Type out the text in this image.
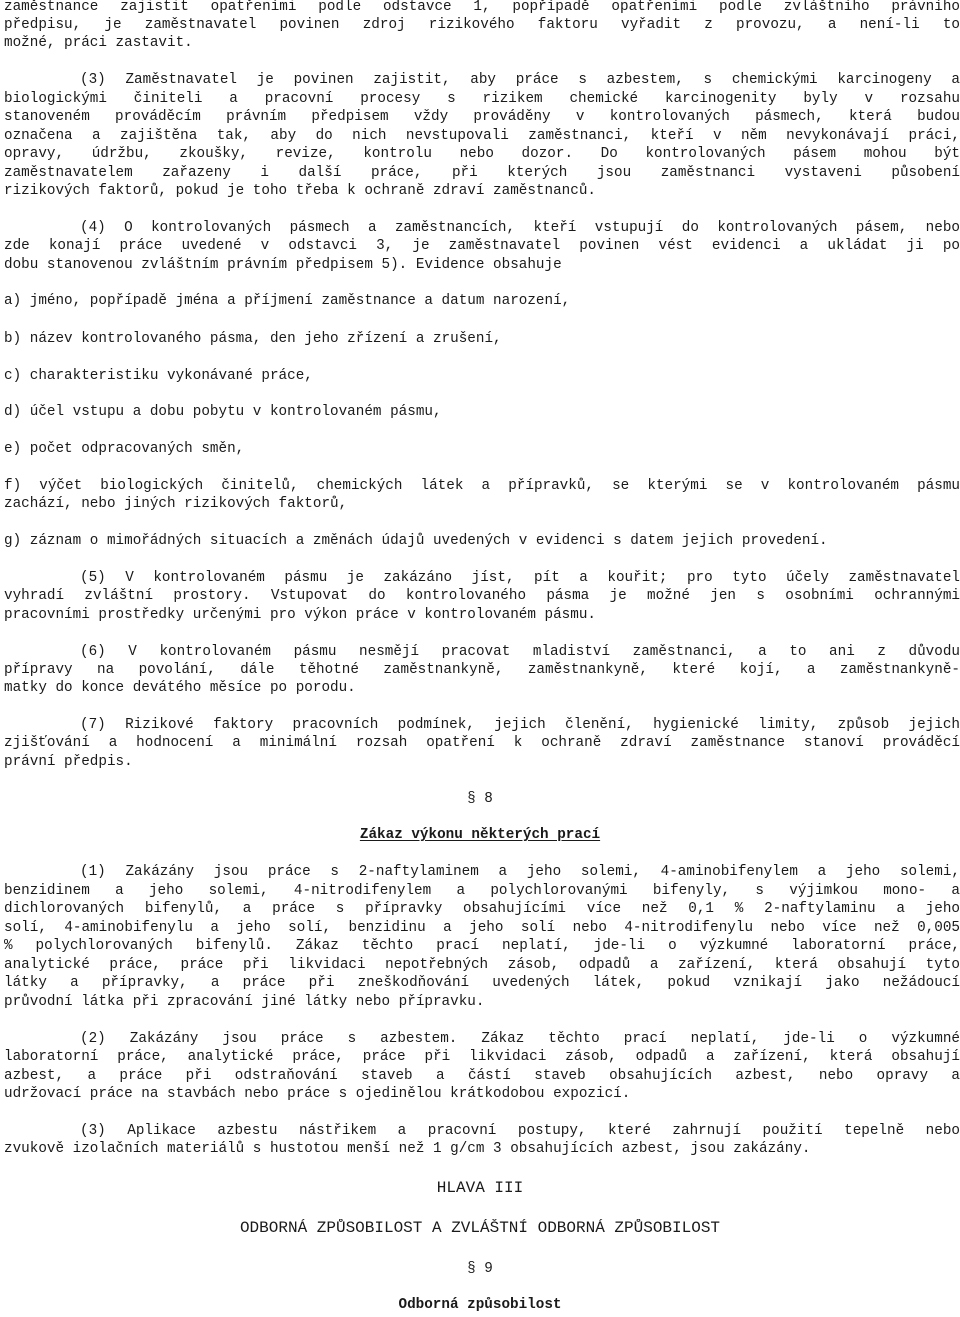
zaměstnance zajistit opatřeními podle odstavce 1, popřípadě opatřeními podle zvláštního právního
předpisu, je zaměstnavatel povinen zdroj rizikového faktoru vyřadit z provozu, a není-li to
možné, práci zastavit.
(3) Zaměstnavatel je povinen zajistit, aby práce s azbestem, s chemickými karcinogeny a
biologickými činiteli a pracovní procesy s rizikem chemické karcinogenity byly v rozsahu
stanoveném prováděcím právním předpisem vždy prováděny v kontrolovaných pásmech, která budou
označena a zajištěna tak, aby do nich nevstupovali zaměstnanci, kteří v něm nevykonávají práci,
opravy, údržbu, zkoušky, revize, kontrolu nebo dozor. Do kontrolovaných pásem mohou být
zaměstnavatelem zařazeny i další práce, při kterých jsou zaměstnanci vystaveni působení
rizikových faktorů, pokud je toho třeba k ochraně zdraví zaměstnanců.
(4) O kontrolovaných pásmech a zaměstnancích, kteří vstupují do kontrolovaných pásem, nebo
zde konají práce uvedené v odstavci 3, je zaměstnavatel povinen vést evidenci a ukládat ji po
dobu stanovenou zvláštním právním předpisem 5). Evidence obsahuje
a) jméno, popřípadě jména a příjmení zaměstnance a datum narození,
b) název kontrolovaného pásma, den jeho zřízení a zrušení,
c) charakteristiku vykonávané práce,
d) účel vstupu a dobu pobytu v kontrolovaném pásmu,
e) počet odpracovaných směn,
f) výčet biologických činitelů, chemických látek a přípravků, se kterými se v kontrolovaném pásmu
zachází, nebo jiných rizikových faktorů,
g) záznam o mimořádných situacích a změnách údajů uvedených v evidenci s datem jejich provedení.
(5) V kontrolovaném pásmu je zakázáno jíst, pít a kouřit; pro tyto účely zaměstnavatel
vyhradí zvláštní prostory. Vstupovat do kontrolovaného pásma je možné jen s osobními ochrannými
pracovními prostředky určenými pro výkon práce v kontrolovaném pásmu.
(6) V kontrolovaném pásmu nesmějí pracovat mladiství zaměstnanci, a to ani z důvodu
přípravy na povolání, dále těhotné zaměstnankyně, zaměstnankyně, které kojí, a zaměstnankyně-
matky do konce devátého měsíce po porodu.
(7) Rizikové faktory pracovních podmínek, jejich členění, hygienické limity, způsob jejich
zjišťování a hodnocení a minimální rozsah opatření k ochraně zdraví zaměstnance stanoví prováděcí
právní předpis.
§ 8
Zákaz výkonu některých prací
(1) Zakázány jsou práce s 2-naftylaminem a jeho solemi, 4-aminobifenylem a jeho solemi,
benzidinem a jeho solemi, 4-nitrodifenylem a polychlorovanými bifenyly, s výjimkou mono- a
dichlorovaných bifenylů, a práce s přípravky obsahujícími více než 0,1 % 2-naftylaminu a jeho
solí, 4-aminobifenylu a jeho solí, benzidinu a jeho solí nebo 4-nitrodifenylu nebo více než 0,005
% polychlorovaných bifenylů. Zákaz těchto prací neplatí, jde-li o výzkumné laboratorní práce,
analytické práce, práce při likvidaci nepotřebných zásob, odpadů a zařízení, která obsahují tyto
látky a přípravky, a práce při zneškodňování uvedených látek, pokud vznikají jako nežádoucí
průvodní látka při zpracování jiné látky nebo přípravku.
(2) Zakázány jsou práce s azbestem. Zákaz těchto prací neplatí, jde-li o výzkumné
laboratorní práce, analytické práce, práce při likvidaci zásob, odpadů a zařízení, která obsahují
azbest, a práce při odstraňování staveb a částí staveb obsahujících azbest, nebo opravy a
udržovací práce na stavbách nebo práce s ojedinělou krátkodobou expozicí.
(3) Aplikace azbestu nástřikem a pracovní postupy, které zahrnují použití tepelně nebo
zvukově izolačních materiálů s hustotou menší než 1 g/cm 3 obsahujících azbest, jsou zakázány.
HLAVA III
ODBORNÁ ZPŮSOBILOST A ZVLÁŠTNÍ ODBORNÁ ZPŮSOBILOST
§ 9
Odborná způsobilost
